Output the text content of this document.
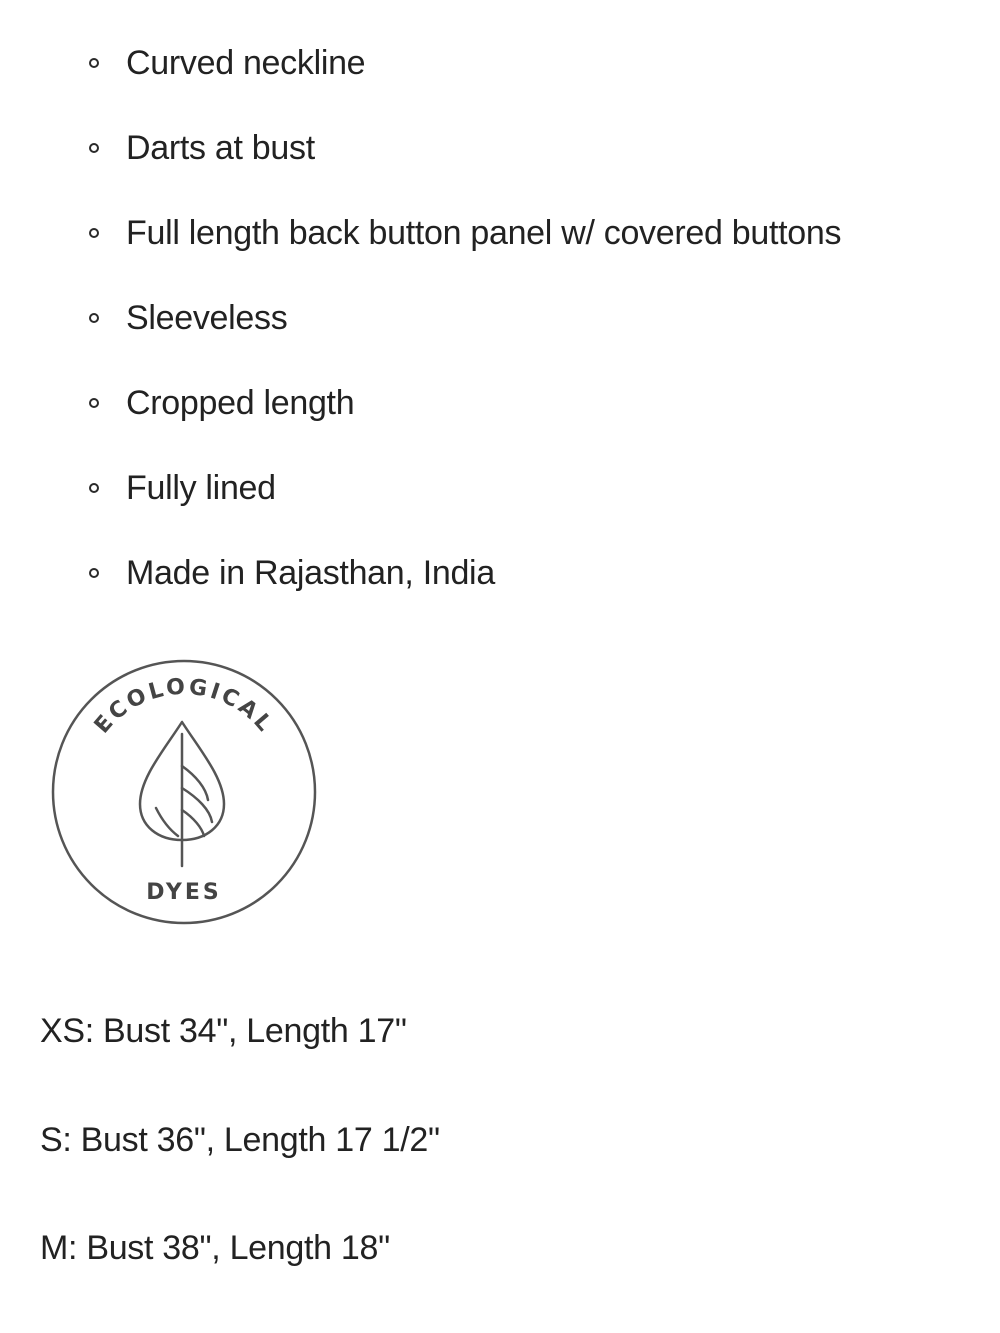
Curved neckline
Darts at bust
Full length back button panel w/ covered buttons
Sleeveless
Cropped length
Fully lined
Made in Rajasthan, India
ECOLOGICAL
DYES
XS: Bust 34", Length 17"
S: Bust 36", Length 17 1/2"
M: Bust 38", Length 18"
